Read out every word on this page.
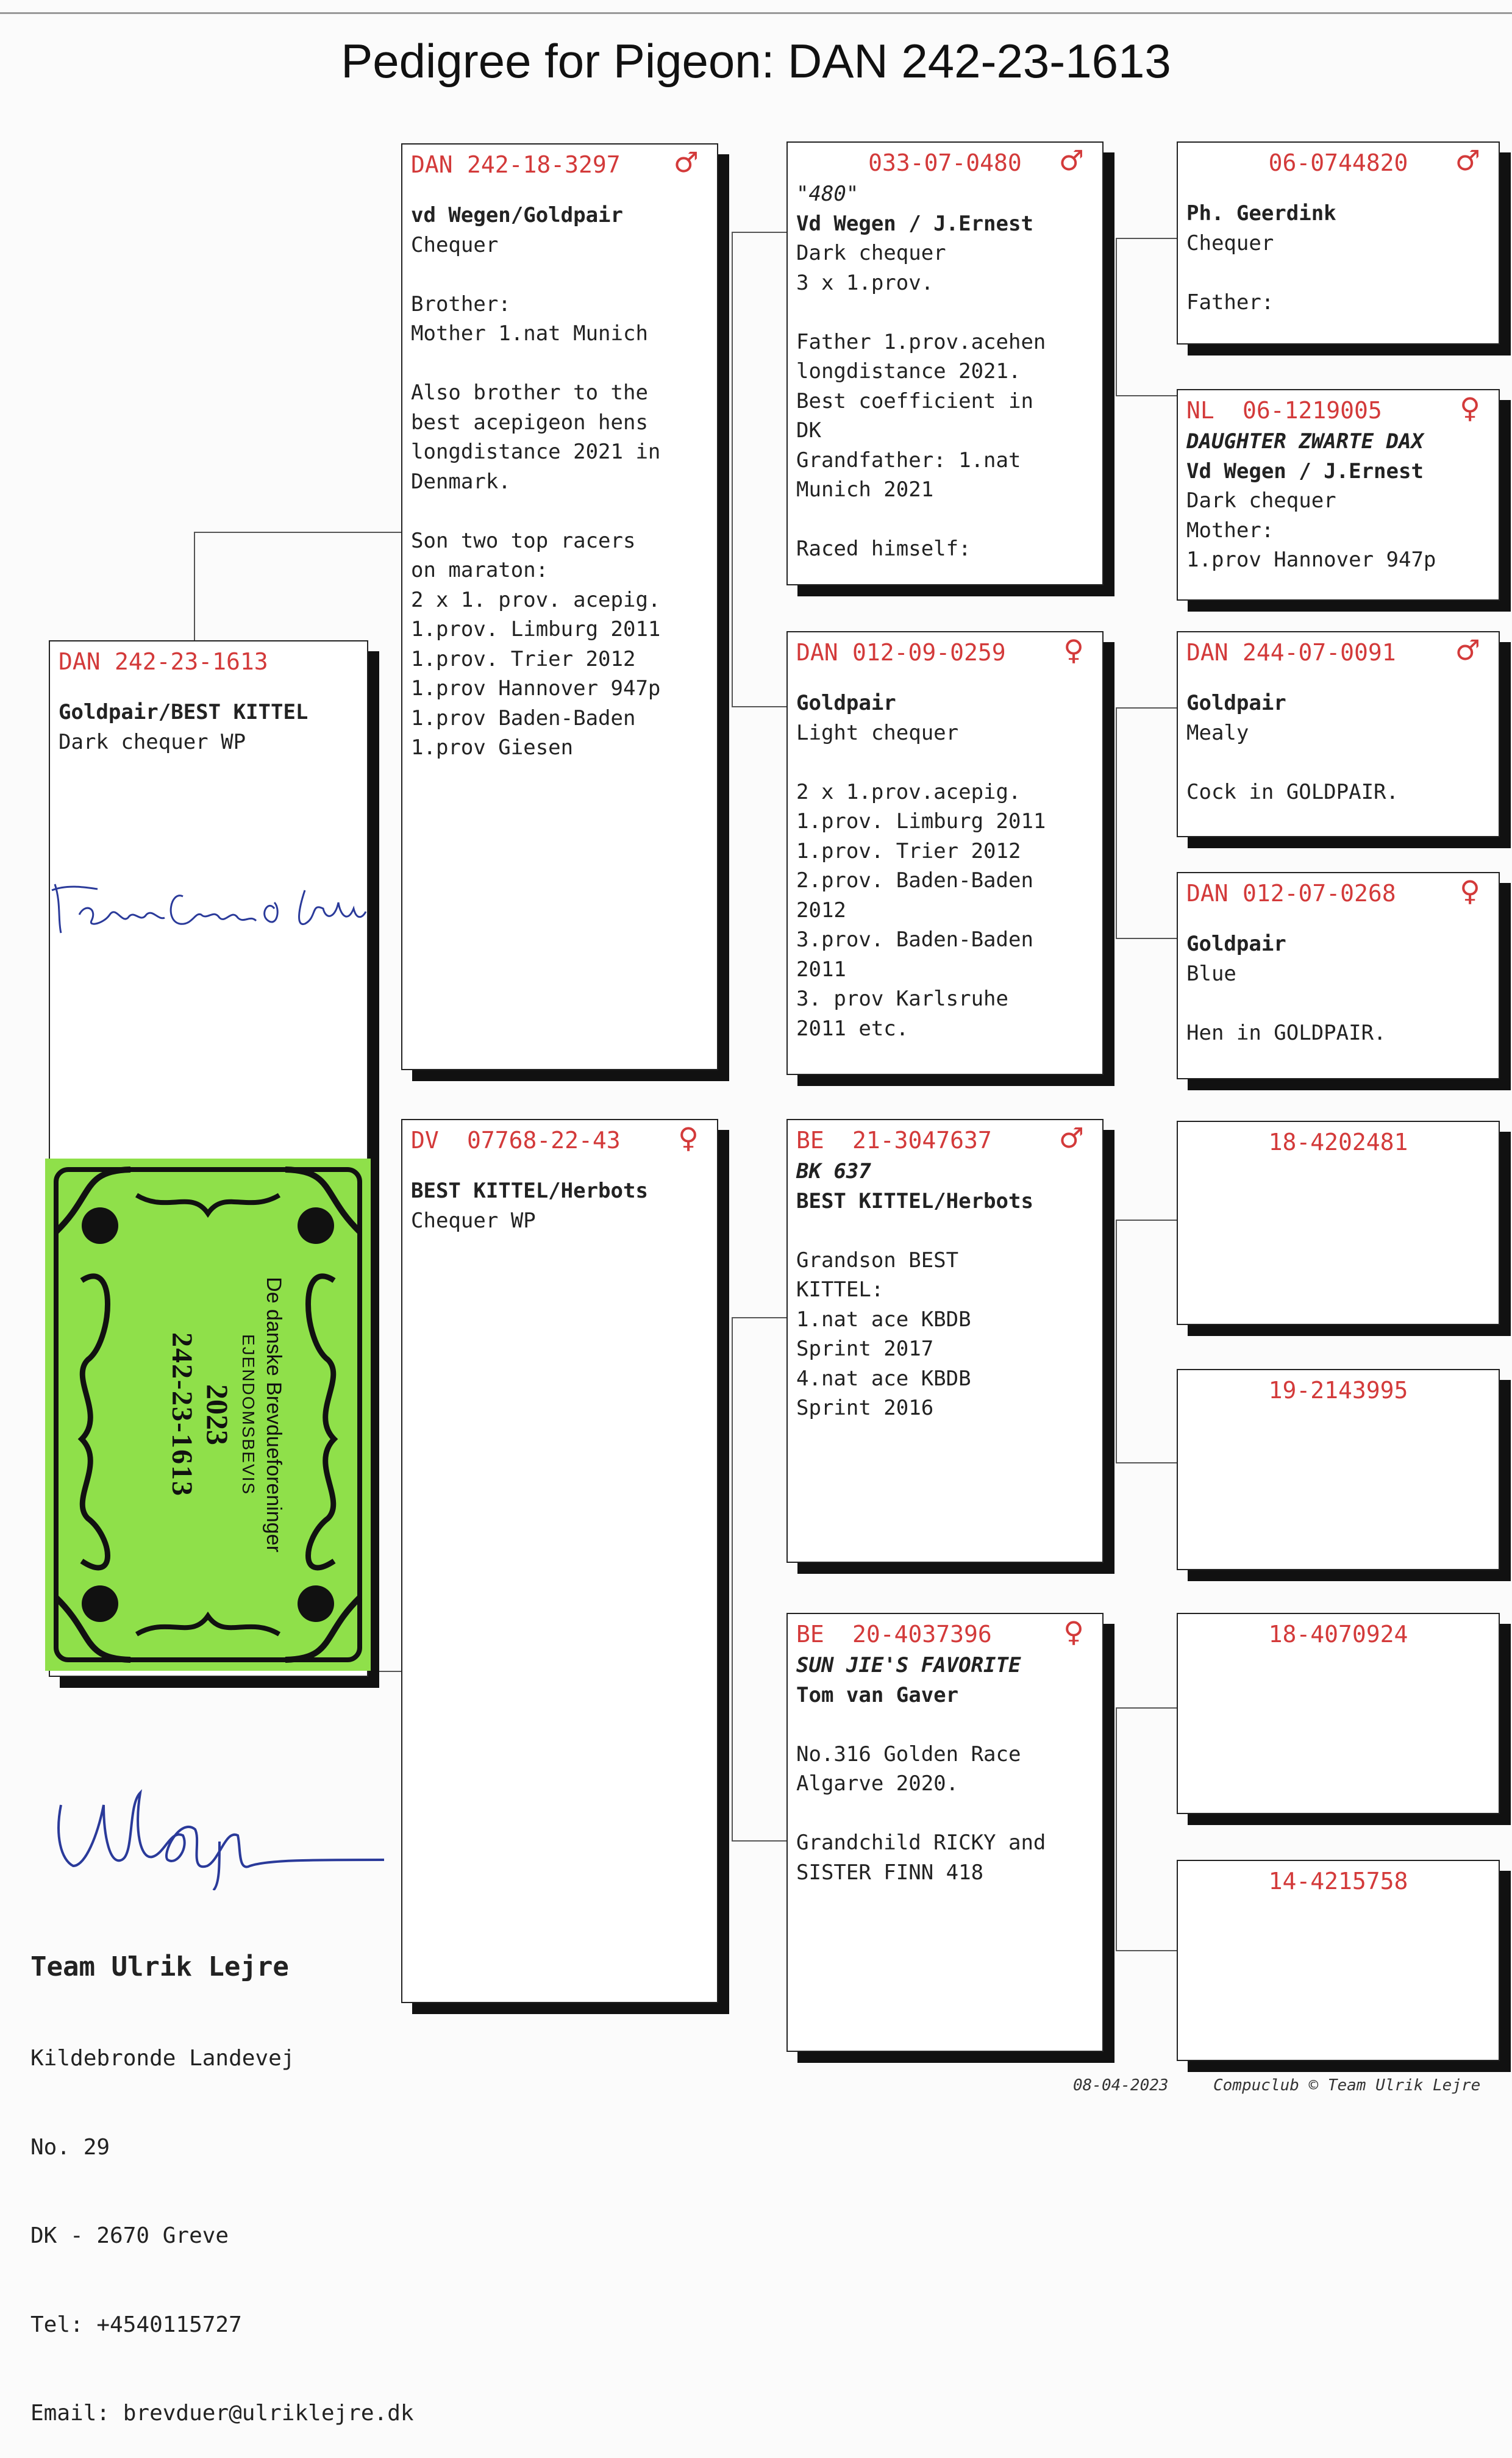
Pedigree for Pigeon: DAN 242-23-1613
DAN 242-23-1613
Goldpair/BEST KITTEL
Dark chequer WP
DAN 242-18-3297 ♂
vd Wegen/Goldpair
Chequer
Brother:
Mother 1.nat Munich
Also brother to the
best acepigeon hens
longdistance 2021 in
Denmark.
Son two top racers
on maraton:
2 x 1. prov. acepig.
1.prov. Limburg 2011
1.prov. Trier 2012
1.prov Hannover 947p
1.prov Baden-Baden
1.prov Giesen
DV 07768-22-43 ♀
BEST KITTEL/Herbots
Chequer WP
033-07-0480	♂
"480"
Vd Wegen / J.Ernest
Dark chequer
3 x 1.prov.
Father 1.prov.acehen
longdistance 2021.
Best coefficient in
DK
Grandfather: 1.nat
Munich 2021
Raced himself:
DAN 012-09-0259 ♀
Goldpair
Light chequer
2 x 1.prov.acepig.
1.prov. Limburg 2011
1.prov. Trier 2012
2.prov. Baden-Baden
2012
3.prov. Baden-Baden
2011
3. prov Karlsruhe
2011 etc.
BE 21-3047637 ♂
BK 637
BEST KITTEL/Herbots
Grandson BEST
KITTEL:
1.nat ace KBDB
Sprint 2017
4.nat ace KBDB
Sprint 2016
BE 20-4037396	♀
SUN JIE'S FAVORITE
Tom van Gaver
No.316 Golden Race
Algarve 2020.
Grandchild RICKY and
SISTER FINN 418
06-0744820	♂
Ph. Geerdink
Chequer
Father:
NL 06-1219005	♀
DAUGHTER ZWARTE DAX
Vd Wegen / J.Ernest
Dark chequer
Mother:
1.prov Hannover 947p
DAN 244-07-0091 ♂
Goldpair
Mealy
Cock in GOLDPAIR.
DAN 012-07-0268 ♀
Goldpair
Blue
Hen in GOLDPAIR.
18-4202481
19-2143995
18-4070924
14-4215758
De danske Brevdueforeninger
EJENDOMSBEVIS
2023
242-23-1613

Team Ulrik Lejre

Kildebronde Landevej

No. 29

DK - 2670 Greve

Tel: +4540115727

Email: brevduer@ulriklejre.dk

08-04-2023	Compuclub © Team Ulrik Lejre
